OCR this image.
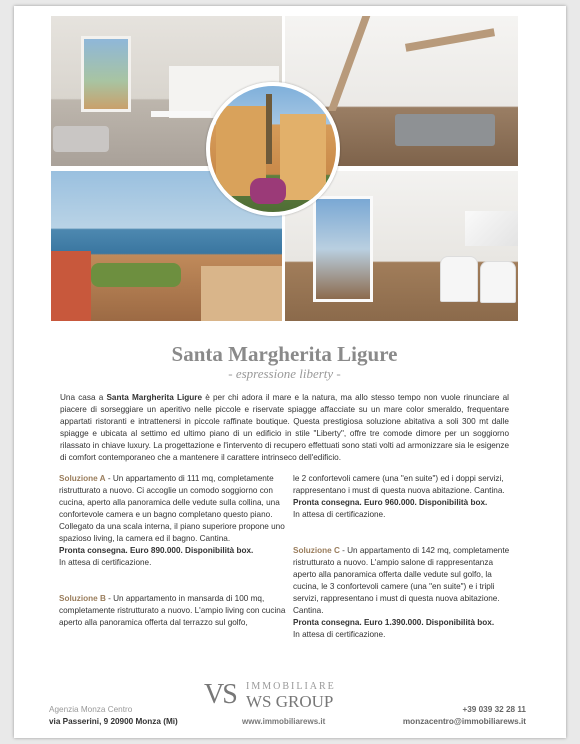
Santa Margherita Ligure
- espressione liberty -
Una casa a Santa Margherita Ligure è per chi adora il mare e la natura, ma allo stesso tempo non vuole rinunciare al piacere di sorseggiare un aperitivo nelle piccole e riservate spiagge affacciate su un mare color smeraldo, frequentare appartati ristoranti e intrattenersi in piccole raffinate boutique. Questa prestigiosa soluzione abitativa a soli 300 mt dalle spiagge e ubicata al settimo ed ultimo piano di un edificio in stile "Liberty", offre tre comode dimore per un soggiorno rilassato in chiave luxury. La progettazione e l'intervento di recupero effettuati sono stati volti ad armonizzare sia le esigenze di comfort contemporaneo che a mantenere il carattere intrinseco dell'edificio.
Soluzione A - Un appartamento di 111 mq, completamente ristrutturato a nuovo. Ci accoglie un comodo soggiorno con cucina, aperto alla panoramica delle vedute sulla collina, una confortevole camera e un bagno completano questo piano.
Collegato da una scala interna, il piano superiore propone uno spazioso living, la camera ed il bagno. Cantina.
Pronta consegna. Euro 890.000. Disponibilità box.
In attesa di certificazione.
Soluzione B - Un appartamento in mansarda di 100 mq, completamente ristrutturato a nuovo. L'ampio living con cucina aperto alla panoramica offerta dal terrazzo sul golfo,
le 2 confortevoli camere (una "en suite") ed i doppi servizi, rappresentano i must di questa nuova abitazione. Cantina.
Pronta consegna. Euro 960.000. Disponibilità box.
In attesa di certificazione.
Soluzione C - Un appartamento di 142 mq, completamente ristrutturato a nuovo. L'ampio salone di rappresentanza aperto alla panoramica offerta dalle vedute sul golfo, la cucina, le 3 confortevoli camere (una "en suite") e i tripli servizi, rappresentano i must di questa nuova abitazione. Cantina.
Pronta consegna. Euro 1.390.000. Disponibilità box.
In attesa di certificazione.
VS IMMOBILIARE
WS GROUP
Agenzia Monza Centro
via Passerini, 9 20900 Monza (Mi)	www.immobiliarews.it
+39 039 32 28 11
monzacentro@immobiliarews.it
